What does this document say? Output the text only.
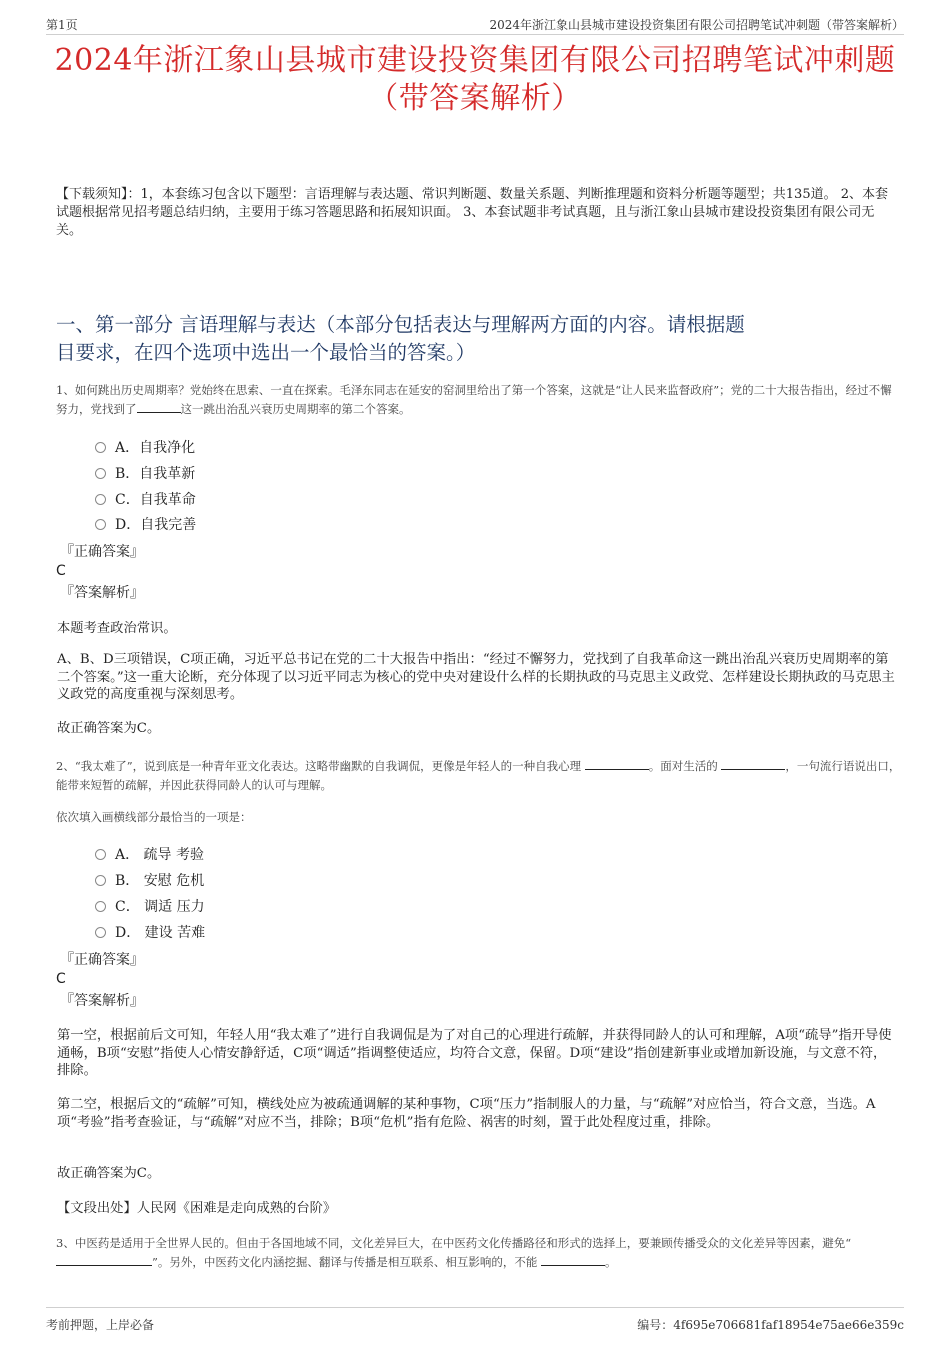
第1页	2024年浙江象山县城市建设投资集团有限公司招聘笔试冲刺题（带答案解析）
2024年浙江象山县城市建设投资集团有限公司招聘笔试冲刺题
（带答案解析）
【下载须知】：1，本套练习包含以下题型：言语理解与表达题、常识判断题、数量关系题、判断推理题和资料分析题等题型；共135道。 2、本套试题根据常见招考题总结归纳，主要用于练习答题思路和拓展知识面。 3、本套试题非考试真题，且与浙江象山县城市建设投资集团有限公司无关。
一、第一部分 言语理解与表达（本部分包括表达与理解两方面的内容。请根据题
目要求，在四个选项中选出一个最恰当的答案。）
1、如何跳出历史周期率？党始终在思索、一直在探索。毛泽东同志在延安的窑洞里给出了第一个答案，这就是“让人民来监督政府”；党的二十大报告指出，经过不懈努力，党找到了	这一跳出治乱兴衰历史周期率的第二个答案。
A．自我净化
B．自我革新
C．自我革命
D．自我完善
『正确答案』
C
『答案解析』
本题考查政治常识。
A、B、D三项错误，C项正确，习近平总书记在党的二十大报告中指出：“经过不懈努力，党找到了自我革命这一跳出治乱兴衰历史周期率的第二个答案。”这一重大论断，充分体现了以习近平同志为核心的党中央对建设什么样的长期执政的马克思主义政党、怎样建设长期执政的马克思主义政党的高度重视与深刻思考。
故正确答案为C。
2、“我太难了”，说到底是一种青年亚文化表达。这略带幽默的自我调侃，更像是年轻人的一种自我心理	。面对生活的	，一句流行语说出口，能带来短暂的疏解，并因此获得同龄人的认可与理解。
依次填入画横线部分最恰当的一项是：
A． 疏导 考验
B． 安慰 危机
C． 调适 压力
D． 建设 苦难
『正确答案』
C
『答案解析』
第一空，根据前后文可知，年轻人用“我太难了”进行自我调侃是为了对自己的心理进行疏解，并获得同龄人的认可和理解，A项“疏导”指开导使通畅，B项“安慰”指使人心情安静舒适，C项“调适”指调整使适应，均符合文意，保留。D项“建设”指创建新事业或增加新设施，与文意不符，排除。
第二空，根据后文的“疏解”可知，横线处应为被疏通调解的某种事物，C项“压力”指制服人的力量，与“疏解”对应恰当，符合文意，当选。A项“考验”指考查验证，与“疏解”对应不当，排除；B项“危机”指有危险、祸害的时刻，置于此处程度过重，排除。
故正确答案为C。
【文段出处】人民网《困难是走向成熟的台阶》
3、中医药是适用于全世界人民的。但由于各国地域不同，文化差异巨大，在中医药文化传播路径和形式的选择上，要兼顾传播受众的文化差异等因素，避免“ ”。另外，中医药文化内涵挖掘、翻译与传播是相互联系、相互影响的，不能	。
考前押题，上岸必备	编号：4f695e706681faf18954e75ae66e359c
